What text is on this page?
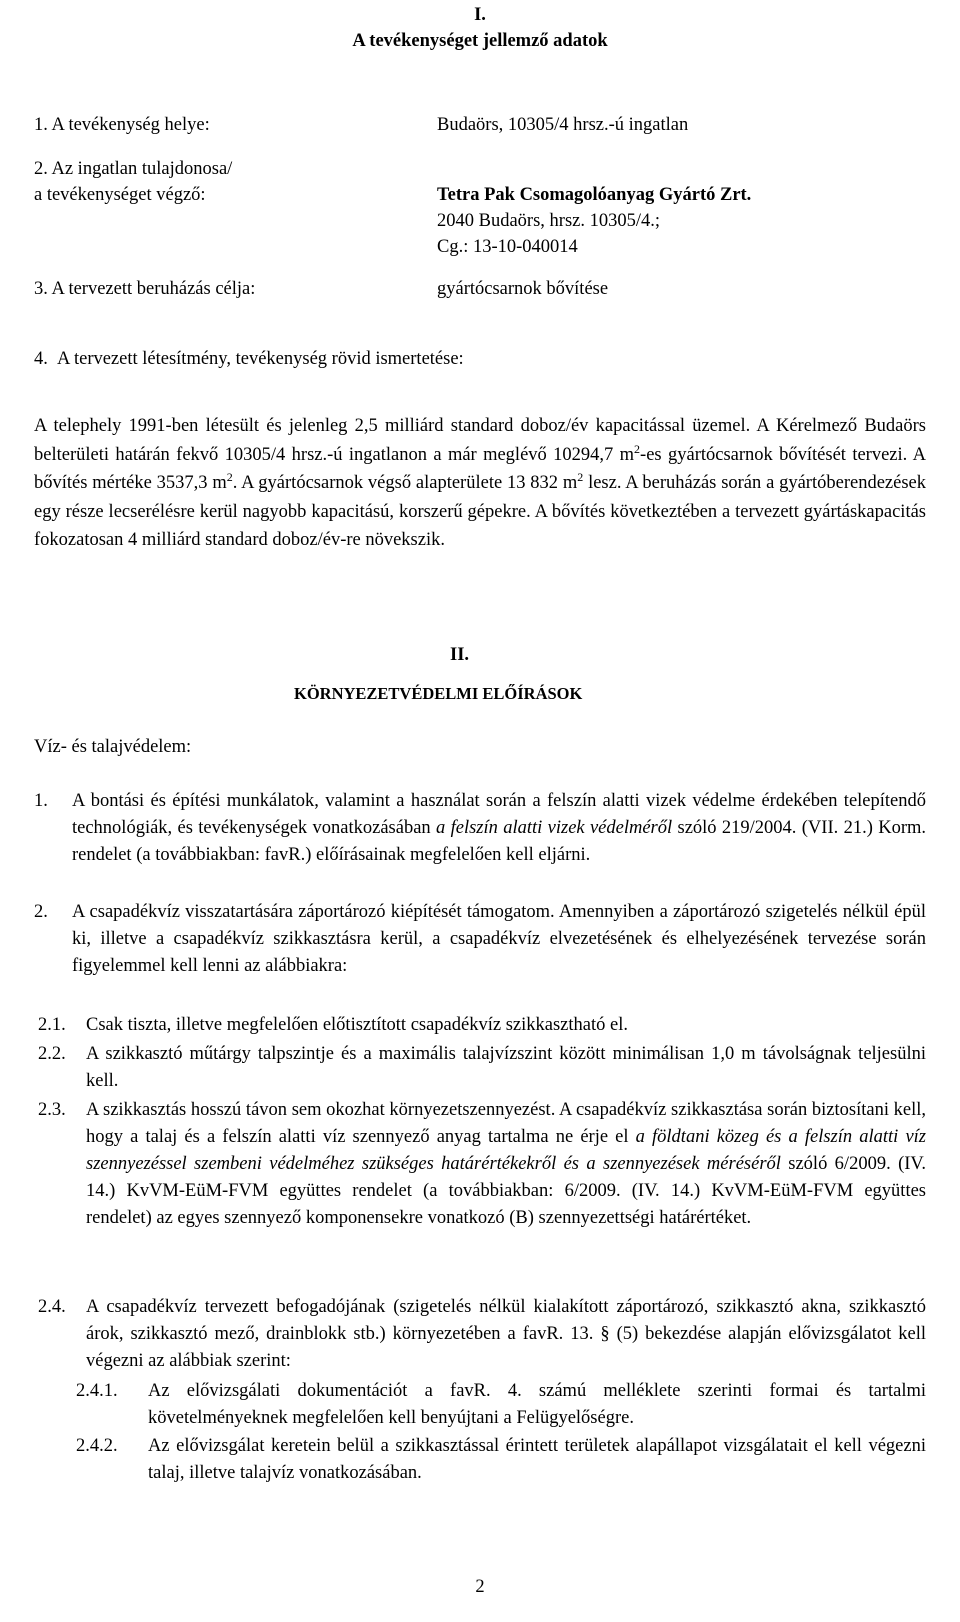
I.
A tevékenységet jellemző adatok
1. A tevékenység helye:	Budaörs, 10305/4 hrsz.-ú ingatlan
2. Az ingatlan tulajdonosa/
a tevékenységet végző:	Tetra Pak Csomagolóanyag Gyártó Zrt.
2040 Budaörs, hrsz. 10305/4.;
Cg.: 13-10-040014
3. A tervezett beruházás célja:	gyártócsarnok bővítése
4. A tervezett létesítmény, tevékenység rövid ismertetése:

A telephely 1991-ben létesült és jelenleg 2,5 milliárd standard doboz/év kapacitással üzemel. A Kérelmező Budaörs belterületi határán fekvő 10305/4 hrsz.-ú ingatlanon a már meglévő 10294,7 $m^2-es$ gyártócsarnok bővítését tervezi. A bővítés mértéke 3537,3 $m^2$. A gyártócsarnok végső alapterülete 13 832 $m^2$ lesz. A beruházás során a gyártóberendezések egy része lecserélésre kerül nagyobb kapacitású, korszerű gépekre. A bővítés következtében a tervezett gyártáskapacitás fokozatosan 4 milliárd standard doboz/év-re növekszik.

II.
KÖRNYEZETVÉDELMI ELŐÍRÁSOK
Víz- és talajvédelem:
1. A bontási és építési munkálatok, valamint a használat során a felszín alatti vizek védelme érdekében telepítendő technológiák, és tevékenységek vonatkozásában a felszín alatti vizek védelméről szóló 219/2004. (VII. 21.) Korm. rendelet (a továbbiakban: favR.) előírásainak megfelelően kell eljárni.
2. A csapadékvíz visszatartására záportározó kiépítését támogatom. Amennyiben a záportározó szigetelés nélkül épül ki, illetve a csapadékvíz szikkasztásra kerül, a csapadékvíz elvezetésének és elhelyezésének tervezése során figyelemmel kell lenni az alábbiakra:
2.1. Csak tiszta, illetve megfelelően előtisztított csapadékvíz szikkasztható el.
2.2. A szikkasztó műtárgy talpszintje és a maximális talajvízszint között minimálisan 1,0 m távolságnak teljesülni kell.
2.3. A szikkasztás hosszú távon sem okozhat környezetszennyezést. A csapadékvíz szikkasztása során biztosítani kell, hogy a talaj és a felszín alatti víz szennyező anyag tartalma ne érje el a földtani közeg és a felszín alatti víz szennyezéssel szembeni védelméhez szükséges határértékekről és a szennyezések méréséről szóló 6/2009. (IV. 14.) KvVM-EüM-FVM együttes rendelet (a továbbiakban: 6/2009. (IV. 14.) KvVM-EüM-FVM együttes rendelet) az egyes szennyező komponensekre vonatkozó (B) szennyezettségi határértéket.
2.4. A csapadékvíz tervezett befogadójának (szigetelés nélkül kialakított záportározó, szikkasztó akna, szikkasztó árok, szikkasztó mező, drainblokk stb.) környezetében a favR. 13. § (5) bekezdése alapján elővizsgálatot kell végezni az alábbiak szerint:
2.4.1. Az elővizsgálati dokumentációt a favR. 4. számú melléklete szerinti formai és tartalmi követelményeknek megfelelően kell benyújtani a Felügyelőségre.
2.4.2. Az elővizsgálat keretein belül a szikkasztással érintett területek alapállapot vizsgálatait el kell végezni talaj, illetve talajvíz vonatkozásában.
2
